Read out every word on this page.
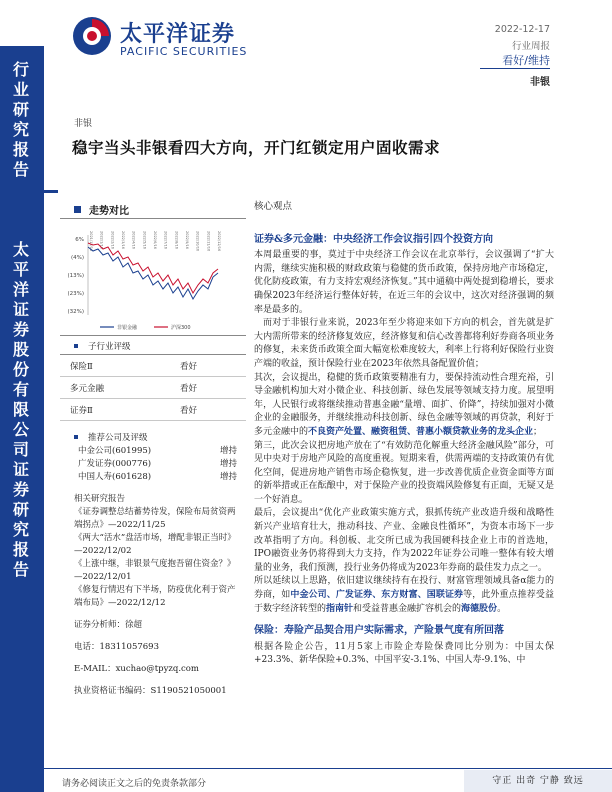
行业研究报告
太平洋证券股份有限公司证券研究报告
太平洋证券
PACIFIC SECURITIES
2022-12-17
行业周报
看好/维持
非银
非银
稳宇当头非银看四大方向，开门红锁定用户固收需求
走势对比
6%
(4%)
(13%)
(23%)
(32%)
2021/12/16 2022/1/16 2022/2/16 2022/3/16 2022/4/16 2022/5/16 2022/6/16 2022/7/16 2022/8/16 2022/9/16 2022/10/16 2022/11/16 2022/12/16
非银金融	沪深300
子行业评级
保险Ⅱ	看好
多元金融	看好
证券Ⅱ	看好
推荐公司及评级
中金公司(601995)	增持
广发证券(000776)	增持
中国人寿(601628)	增持
相关研究报告
《证券调整总结蓄势待发，保险布局贫资两端拐点》—2022/11/25
《两大“活水”盘活市场，增配非银正当时》—2022/12/02
《上涨中继，非银景气度抱吾留住资金？》—2022/12/01
《修复行情迟有下半场，防疫优化利于资产端布局》—2022/12/12
证券分析师：徐超
电话：18311057693
E-MAIL：xuchao@tpyzq.com
执业资格证书编码：S1190521050001
核心观点
证券&多元金融：中央经济工作会议指引四个投资方向
本周最重要的事，莫过于中央经济工作会议在北京举行，会议强调了“扩大内需，继续实施积极的财政政策与稳健的货币政策，保持房地产市场稳定，优化防疫政策，有力支持宏观经济恢复。”其中通稿中两处提到稳增长，要求确保2023年经济运行整体好转，在近三年的会议中，这次对经济强调的频率是最多的。
而对于非银行业来说，2023年至少将迎来如下方向的机会，首先就是扩大内需所带来的经济修复效应，经济修复和信心改善都将利好券商各项业务的修复，未来货币政策全面大幅宽松难度较大，利率上行将利好保险行业资产端的收益，预计保险行业在2023年依然具备配置价值；
其次，会议提出，稳健的货币政策要精准有力，要保持流动性合理充裕，引导金融机构加大对小微企业、科技创新、绿色发展等领域支持力度。展望明年，人民银行或将继续推动普惠金融“量增、面扩、价降”，持续加强对小微企业的金融服务，并继续推动科技创新、绿色金融等领域的再贷款，利好于多元金融中的不良资产处置、融资租赁、普惠小额贷款业务的龙头企业；
第三，此次会议把房地产放在了“有效防范化解重大经济金融风险”部分，可见中央对于房地产风险的高度重视。短期来看，供需两端的支持政策仍有优化空间，促进房地产销售市场企稳恢复，进一步改善优质企业资金面等方面的新举措或正在酝酿中，对于保险产业的投资端风险修复有正面，无疑又是一个好消息。
最后，会议提出“优化产业政策实施方式，狠抓传统产业改造升级和战略性新兴产业培育壮大，推动科技、产业、金融良性循环”，为资本市场下一步改革指明了方向。科创板、北交所已成为我国硬科技企业上市的首选地，IPO融资业务仍将得到大力支持，作为2022年证券公司唯一整体有较大增量的业务，我们预测，投行业务仍将成为2023年券商的最佳发力点之一。
所以延续以上思路，依旧建议继续持有在投行、财富管理领域具备α能力的券商，如中金公司、广发证券、东方财富、国联证券等，此外重点推荐受益于数字经济转型的指南针和受益普惠金融扩容机会的海德股份。
保险：寿险产品契合用户实际需求，产险景气度有所回落
根据各险企公告，11月5家上市险企寿险保费同比分别为：中国太保+23.3%、新华保险+0.3%、中国平安-3.1%、中国人寿-9.1%、中
请务必阅读正文之后的免责条款部分	守正 出奇 宁静 致远
